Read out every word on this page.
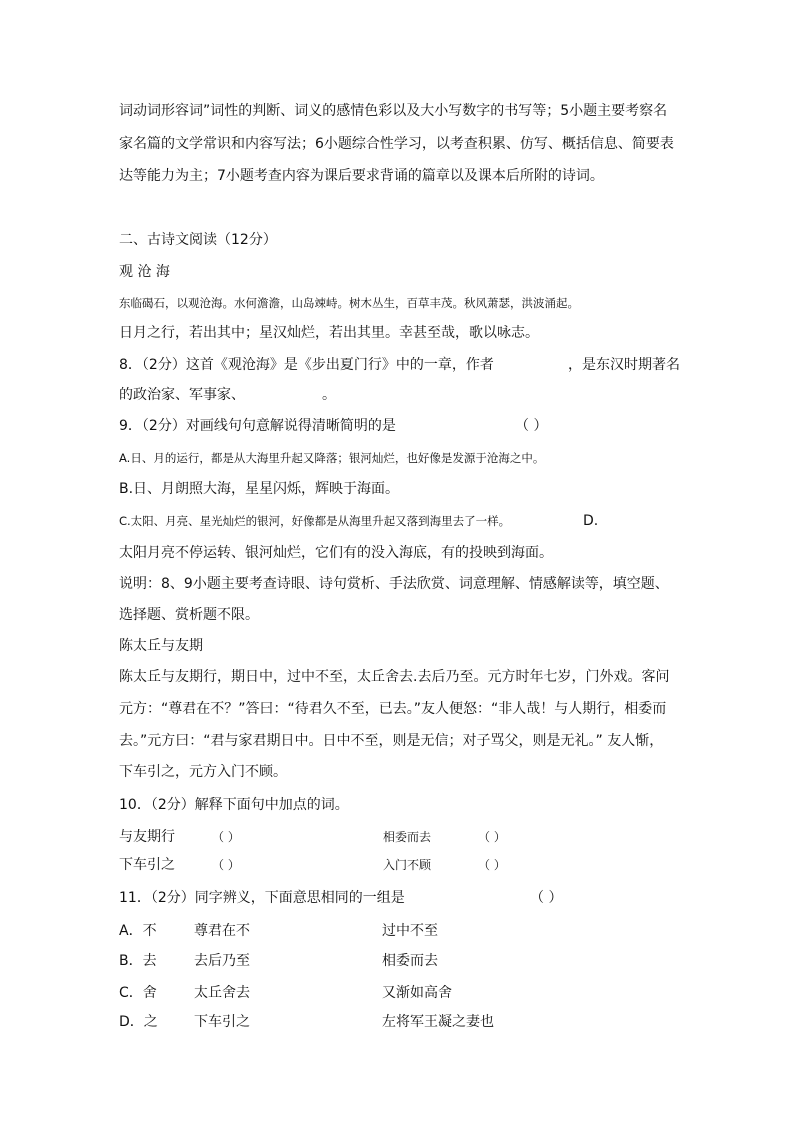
词动词形容词”词性的判断、词义的感情色彩以及大小写数字的书写等；5小题主要考察名
家名篇的文学常识和内容写法；6小题综合性学习，以考查积累、仿写、概括信息、简要表
达等能力为主；7小题考查内容为课后要求背诵的篇章以及课本后所附的诗词。
二、古诗文阅读（12分）
观 沧 海
东临碣石，以观沧海。水何澹澹，山岛竦峙。树木丛生，百草丰茂。秋风萧瑟，洪波涌起。
日月之行，若出其中；星汉灿烂，若出其里。幸甚至哉，歌以咏志。
8．（2分）这首《观沧海》是《步出夏门行》中的一章，作者	，是东汉时期著名
的政治家、军事家、	。
9．（2分）对画线句句意解说得清晰简明的是	（ ）
A.日、月的运行，都是从大海里升起又降落；银河灿烂，也好像是发源于沧海之中。
B.日、月朗照大海，星星闪烁，辉映于海面。
C.太阳、月亮、星光灿烂的银河，好像都是从海里升起又落到海里去了一样。	D.
太阳月亮不停运转、银河灿烂，它们有的没入海底，有的投映到海面。
说明：8、9小题主要考查诗眼、诗句赏析、手法欣赏、词意理解、情感解读等，填空题、
选择题、赏析题不限。
陈太丘与友期
陈太丘与友期行，期日中，过中不至，太丘舍去.去后乃至。元方时年七岁，门外戏。客问
元方：“尊君在不？”答曰：“待君久不至，已去。”友人便怒：“非人哉！与人期行，相委而
去。”元方曰：“君与家君期日中。日中不至，则是无信；对子骂父，则是无礼。” 友人惭，
下车引之，元方入门不顾。
10．（2分）解释下面句中加点的词。
与友期行	（ ）	相委而去	（ ）
下车引之	（ ）	入门不顾	（ ）
11．（2分）同字辨义，下面意思相同的一组是	（ ）
A．不	尊君在不	过中不至
B．去	去后乃至	相委而去
C．舍	太丘舍去	又渐如高舍
D．之	下车引之	左将军王凝之妻也
